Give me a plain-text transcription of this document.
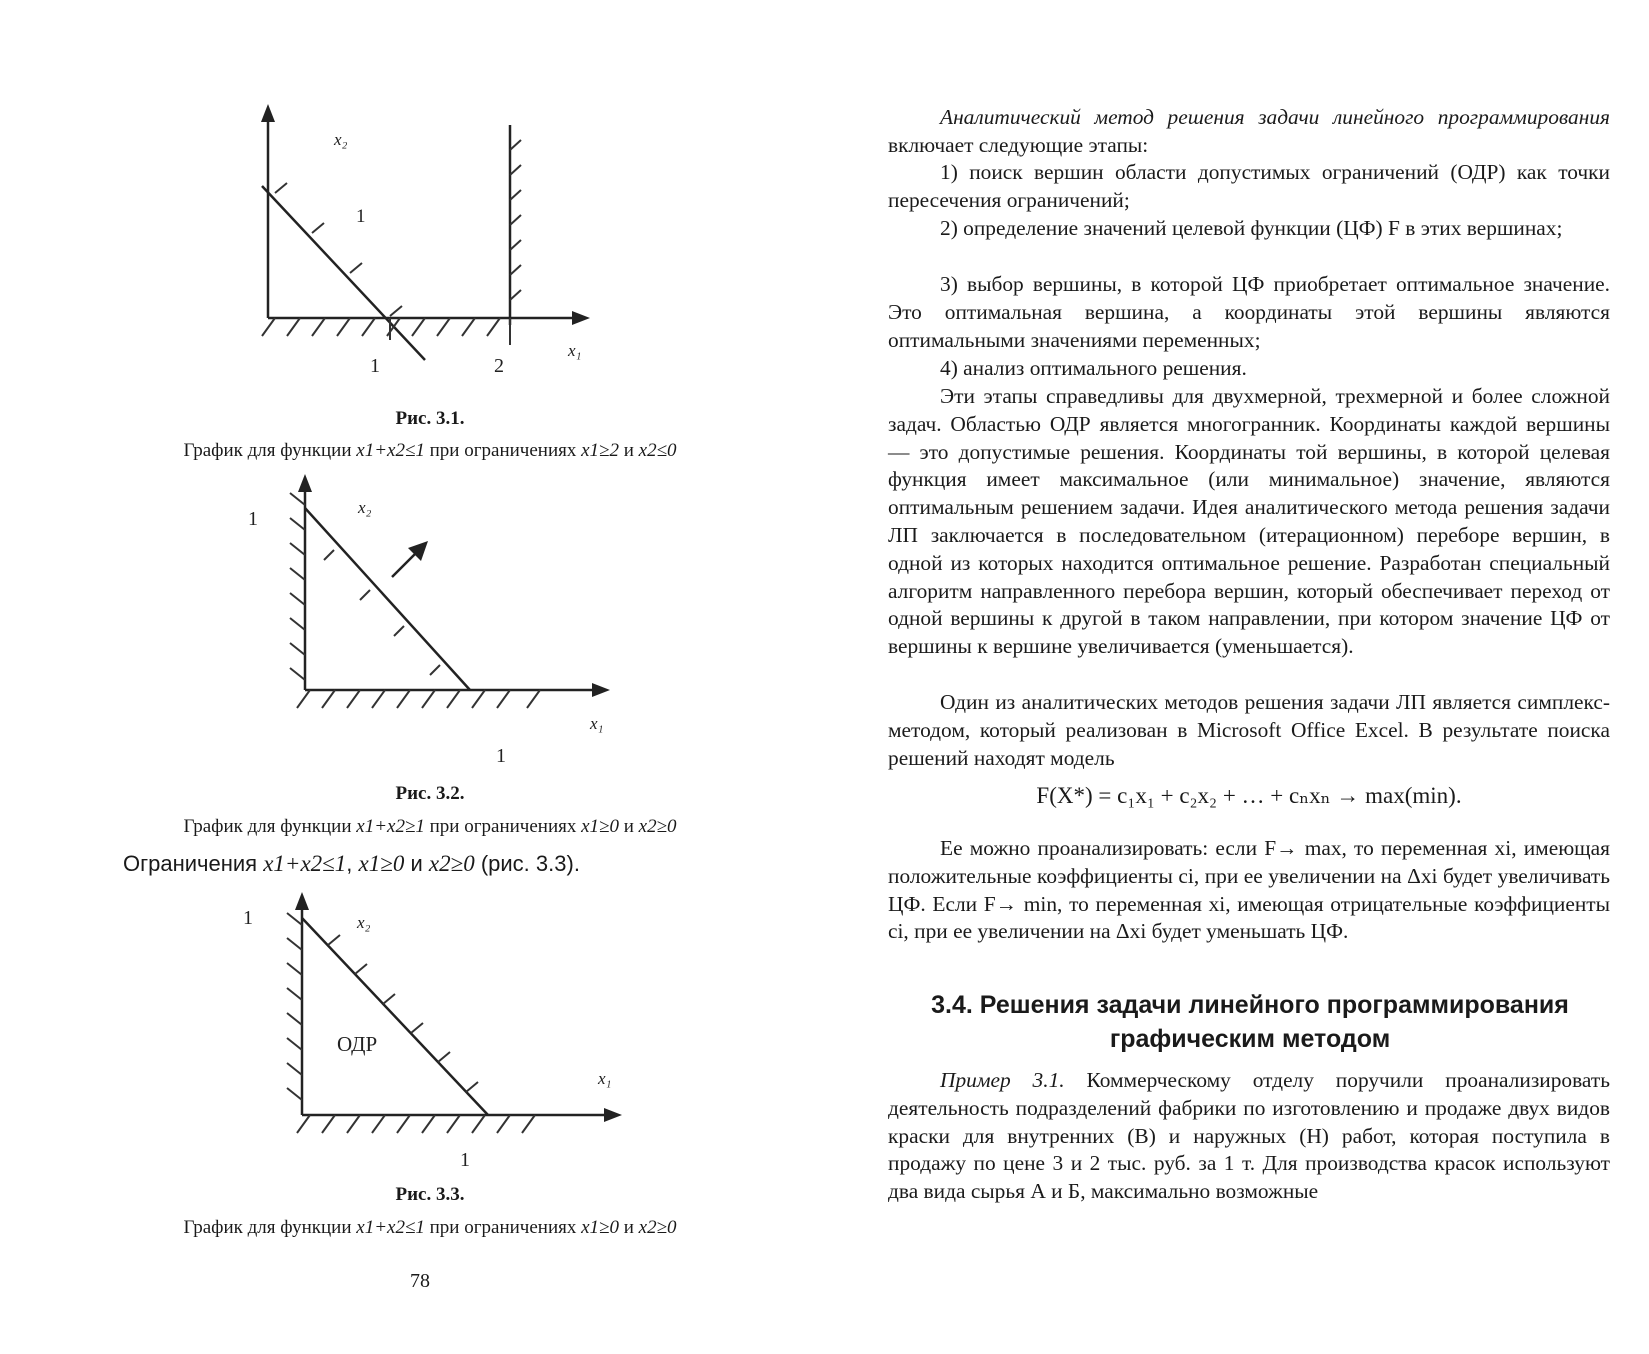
x₂
1
x₁
1	2
Рис. 3.1.
График для функции x1+x2≤1 при ограничениях x1≥2 и x2≤0
x₂
1
x₁
1
Рис. 3.2.
График для функции x1+x2≥1 при ограничениях x1≥0 и x2≥0
Ограничения x1+x2≤1, x1≥0 и x2≥0 (рис. 3.3).
x₂
1
ОДР
x₁
1
Рис. 3.3.
График для функции x1+x2≤1 при ограничениях x1≥0 и x2≥0
78
Аналитический метод решения задачи линейного программирования включает следующие этапы:
1) поиск вершин области допустимых ограничений (ОДР) как точки пересечения ограничений;
2) определение значений целевой функции (ЦФ) F в этих вершинах;
3) выбор вершины, в которой ЦФ приобретает оптимальное значение. Это оптимальная вершина, а координаты этой вершины являются оптимальными значениями переменных;
4) анализ оптимального решения.
Эти этапы справедливы для двухмерной, трехмерной и более сложной задач. Областью ОДР является многогранник. Координаты каждой вершины — это допустимые решения. Координаты той вершины, в которой целевая функция имеет максимальное (или минимальное) значение, являются оптимальным решением задачи. Идея аналитического метода решения задачи ЛП заключается в последовательном (итерационном) переборе вершин, в одной из которых находится оптимальное решение. Разработан специальный алгоритм направленного перебора вершин, который обеспечивает переход от одной вершины к другой в таком направлении, при котором значение ЦФ от вершины к вершине увеличивается (уменьшается).
Один из аналитических методов решения задачи ЛП является симплекс-методом, который реализован в Microsoft Office Excel. В результате поиска решений находят модель
F(X*) = c₁x₁ + c₂x₂ + … + cₙxₙ → max(min).
Ее можно проанализировать: если F→ max, то переменная xi, имеющая положительные коэффициенты ci, при ее увеличении на Δxi будет увеличивать ЦФ. Если F→ min, то переменная xi, имеющая отрицательные коэффициенты ci, при ее увеличении на Δxi будет уменьшать ЦФ.
3.4. Решения задачи линейного программирования графическим методом
Пример 3.1. Коммерческому отделу поручили проанализировать деятельность подразделений фабрики по изготовлению и продаже двух видов краски для внутренних (В) и наружных (Н) работ, которая поступила в продажу по цене 3 и 2 тыс. руб. за 1 т. Для производства красок используют два вида сырья А и Б, максимально возможные
